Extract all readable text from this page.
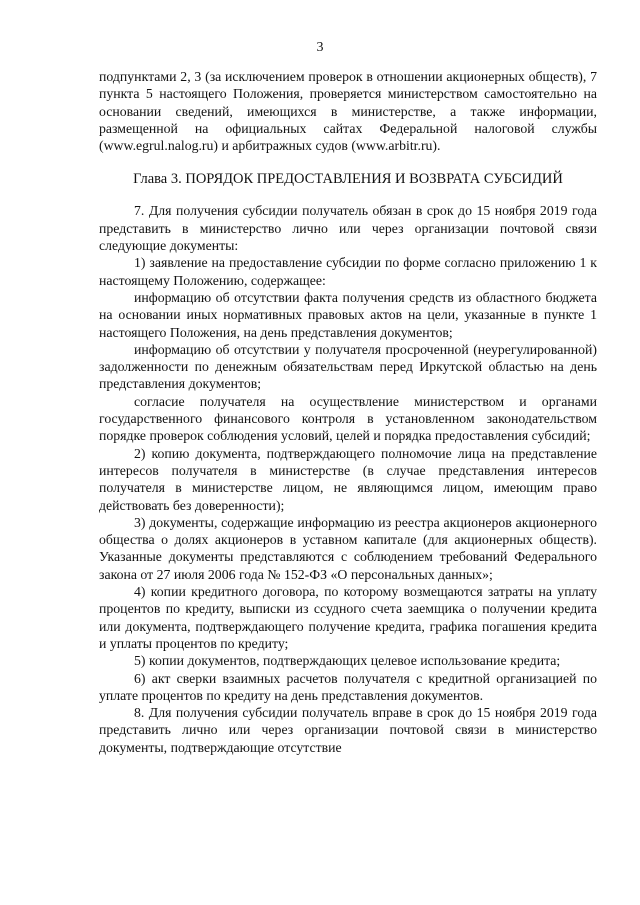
3

подпунктами 2, 3 (за исключением проверок в отношении акционерных обществ), 7 пункта 5 настоящего Положения, проверяется министерством самостоятельно на основании сведений, имеющихся в министерстве, а также информации, размещенной на официальных сайтах Федеральной налоговой службы (www.egrul.nalog.ru) и арбитражных судов (www.arbitr.ru).

Глава 3. ПОРЯДОК ПРЕДОСТАВЛЕНИЯ И ВОЗВРАТА СУБСИДИЙ

7. Для получения субсидии получатель обязан в срок до 15 ноября 2019 года представить в министерство лично или через организации почтовой связи следующие документы:

1) заявление на предоставление субсидии по форме согласно приложению 1 к настоящему Положению, содержащее:

информацию об отсутствии факта получения средств из областного бюджета на основании иных нормативных правовых актов на цели, указанные в пункте 1 настоящего Положения, на день представления документов;

информацию об отсутствии у получателя просроченной (неурегулированной) задолженности по денежным обязательствам перед Иркутской областью на день представления документов;

согласие получателя на осуществление министерством и органами государственного финансового контроля в установленном законодательством порядке проверок соблюдения условий, целей и порядка предоставления субсидий;

2) копию документа, подтверждающего полномочие лица на представление интересов получателя в министерстве (в случае представления интересов получателя в министерстве лицом, не являющимся лицом, имеющим право действовать без доверенности);

3) документы, содержащие информацию из реестра акционеров акционерного общества о долях акционеров в уставном капитале (для акционерных обществ). Указанные документы представляются с соблюдением требований Федерального закона от 27 июля 2006 года № 152-ФЗ «О персональных данных»;

4) копии кредитного договора, по которому возмещаются затраты на уплату процентов по кредиту, выписки из ссудного счета заемщика о получении кредита или документа, подтверждающего получение кредита, графика погашения кредита и уплаты процентов по кредиту;

5) копии документов, подтверждающих целевое использование кредита;

6) акт сверки взаимных расчетов получателя с кредитной организацией по уплате процентов по кредиту на день представления документов.

8. Для получения субсидии получатель вправе в срок до 15 ноября 2019 года представить лично или через организации почтовой связи в министерство документы, подтверждающие отсутствие
